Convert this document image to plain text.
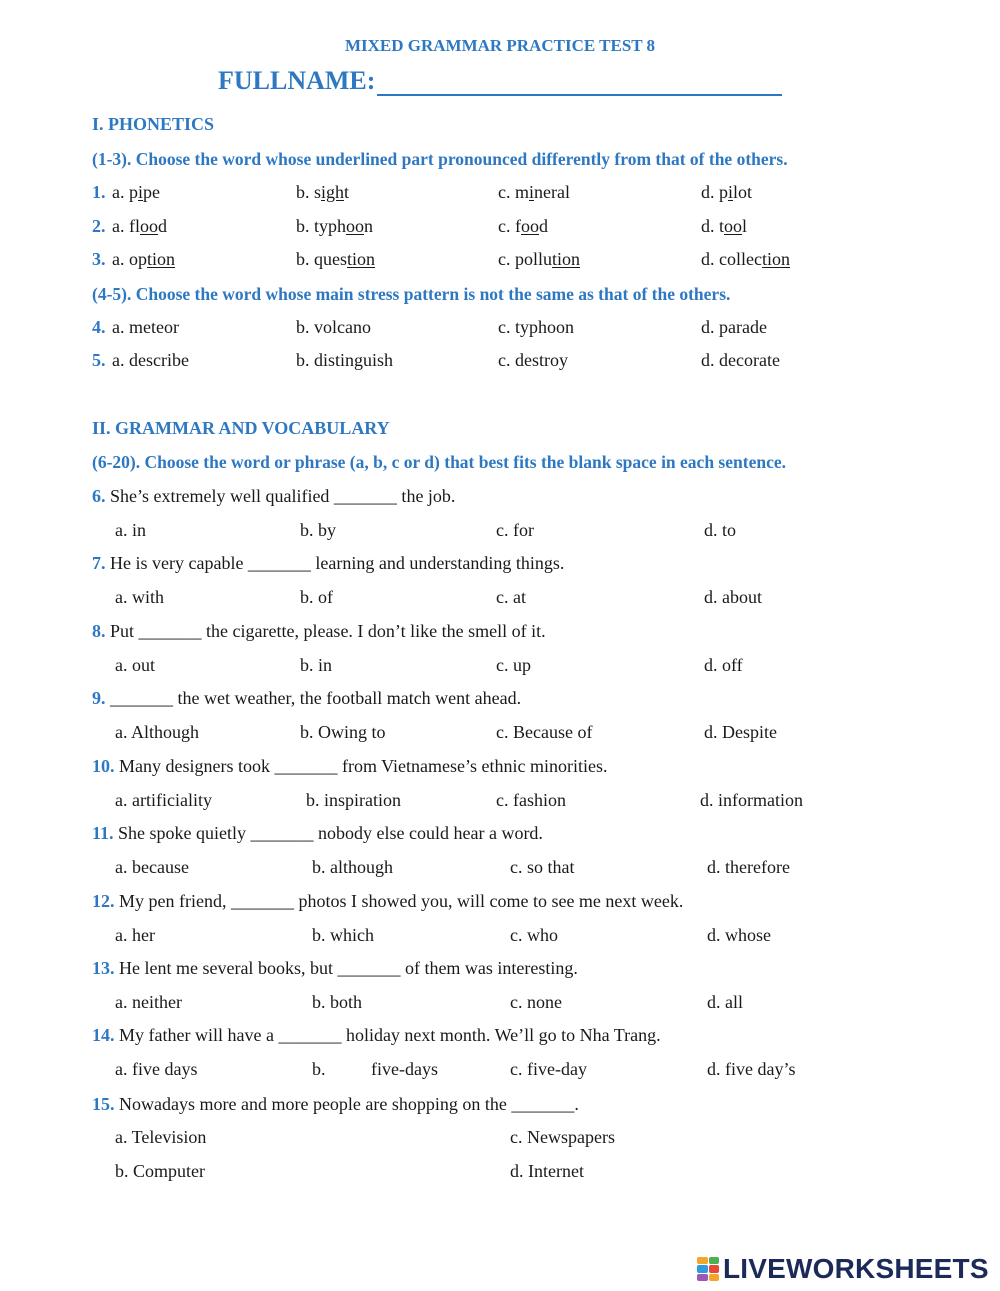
MIXED GRAMMAR PRACTICE TEST 8
FULLNAME:
I. PHONETICS
(1-3). Choose the word whose underlined part pronounced differently from that of the others.
1. a. pipe	b. sight	c. mineral	d. pilot
2. a. flood	b. typhoon	c. food	d. tool
3. a. option	b. question	c. pollution	d. collection
(4-5). Choose the word whose main stress pattern is not the same as that of the others.
4. a. meteor	b. volcano	c. typhoon	d. parade
5. a. describe	b. distinguish	c. destroy	d. decorate
II. GRAMMAR AND VOCABULARY
(6-20). Choose the word or phrase (a, b, c or d) that best fits the blank space in each sentence.
6. She’s extremely well qualified _______ the job.
a. in	b. by	c. for	d. to
7. He is very capable _______ learning and understanding things.
a. with	b. of	c. at	d. about
8. Put _______ the cigarette, please. I don’t like the smell of it.
a. out	b. in	c. up	d. off
9. _______ the wet weather, the football match went ahead.
a. Although	b. Owing to	c. Because of	d. Despite
10. Many designers took _______ from Vietnamese’s ethnic minorities.
a. artificiality	b. inspiration	c. fashion	d. information
11. She spoke quietly _______ nobody else could hear a word.
a. because	b. although	c. so that	d. therefore
12. My pen friend, _______ photos I showed you, will come to see me next week.
a. her	b. which	c. who	d. whose
13. He lent me several books, but _______ of them was interesting.
a. neither	b. both	c. none	d. all
14. My father will have a _______ holiday next month. We’ll go to Nha Trang.
a. five days	b.	five-days	c. five-day	d. five day’s
15. Nowadays more and more people are shopping on the _______.
a. Television	c. Newspapers
b. Computer	d. Internet
LIVEWORKSHEETS
